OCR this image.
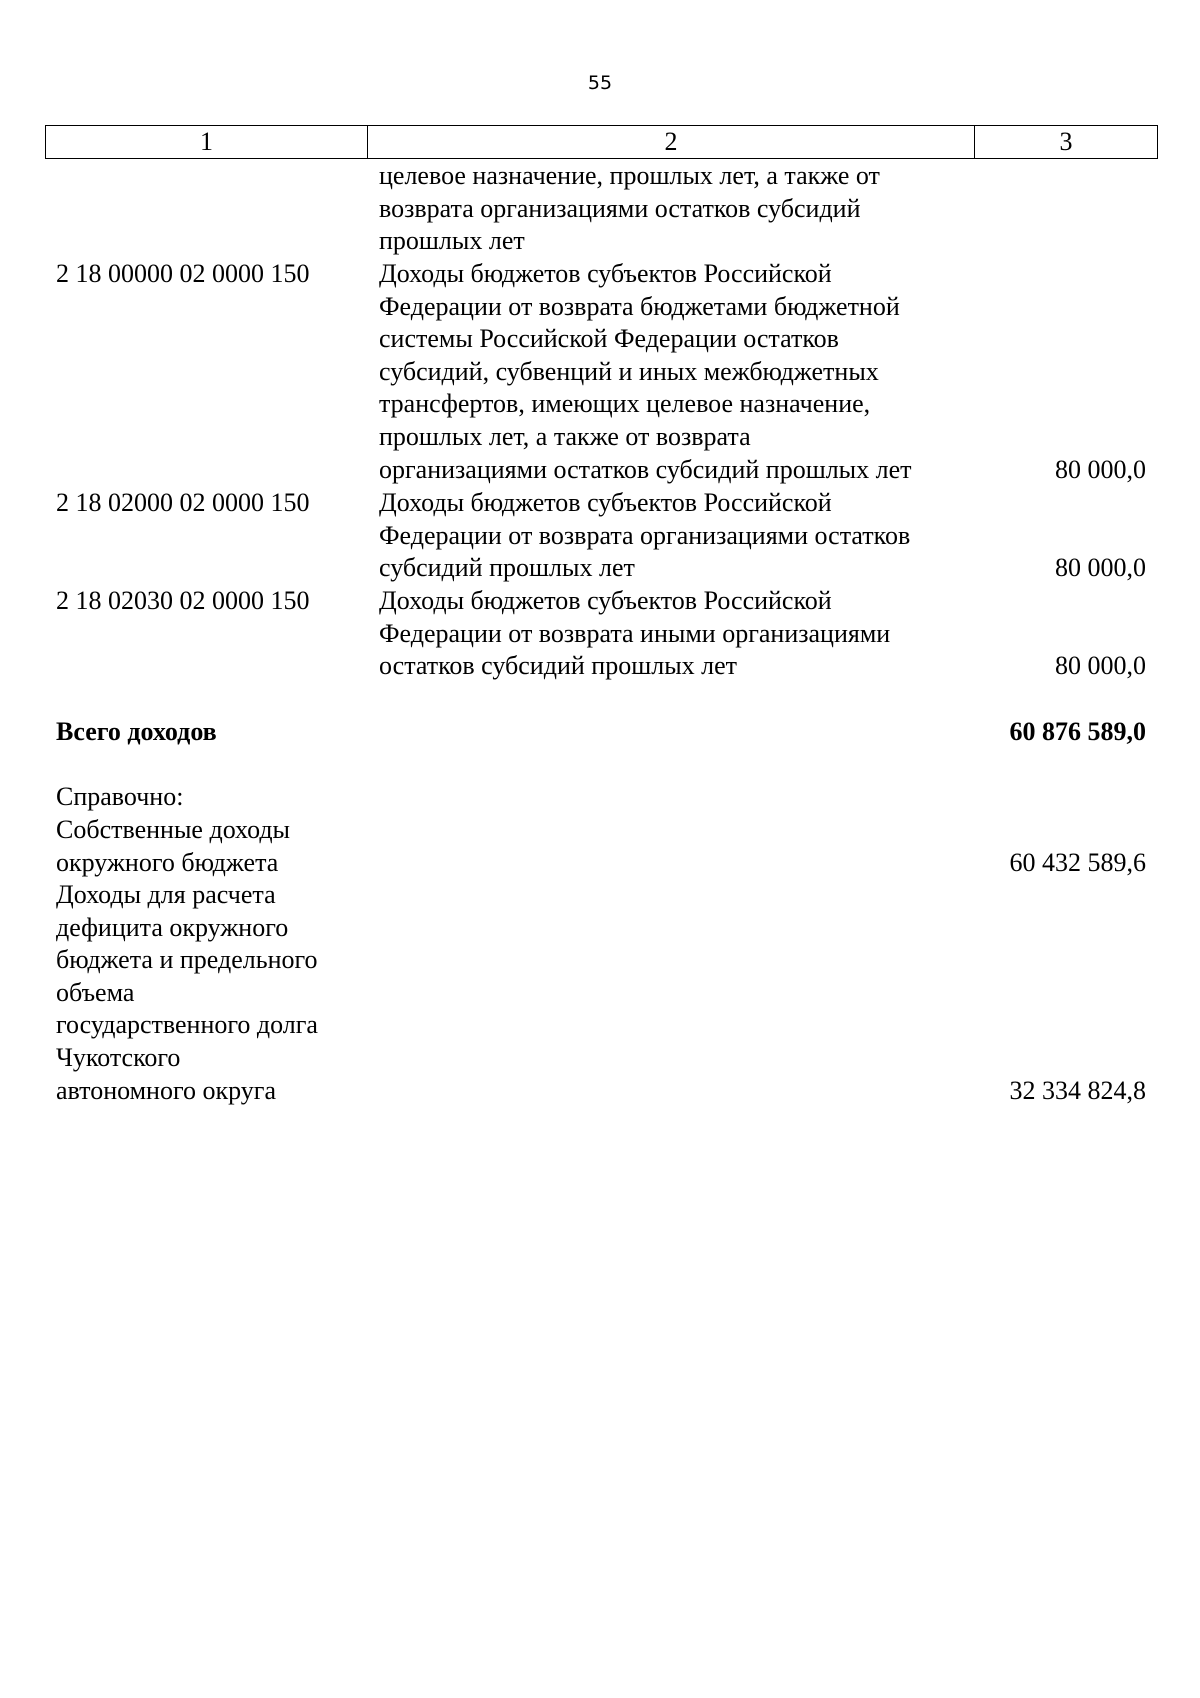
55
1	2	3
целевое назначение, прошлых лет, а также от
возврата организациями остатков субсидий
прошлых лет
2 18 00000 02 0000 150	Доходы бюджетов субъектов Российской
Федерации от возврата бюджетами бюджетной
системы Российской Федерации остатков
субсидий, субвенций и иных межбюджетных
трансфертов, имеющих целевое назначение,
прошлых лет, а также от возврата
организациями остатков субсидий прошлых лет	80 000,0
2 18 02000 02 0000 150	Доходы бюджетов субъектов Российской
Федерации от возврата организациями остатков
субсидий прошлых лет	80 000,0
2 18 02030 02 0000 150	Доходы бюджетов субъектов Российской
Федерации от возврата иными организациями
остатков субсидий прошлых лет	80 000,0
Всего доходов	60 876 589,0
Справочно:
Собственные доходы
окружного бюджета	60 432 589,6
Доходы для расчета
дефицита окружного
бюджета и предельного
объема
государственного долга
Чукотского
автономного округа	32 334 824,8
